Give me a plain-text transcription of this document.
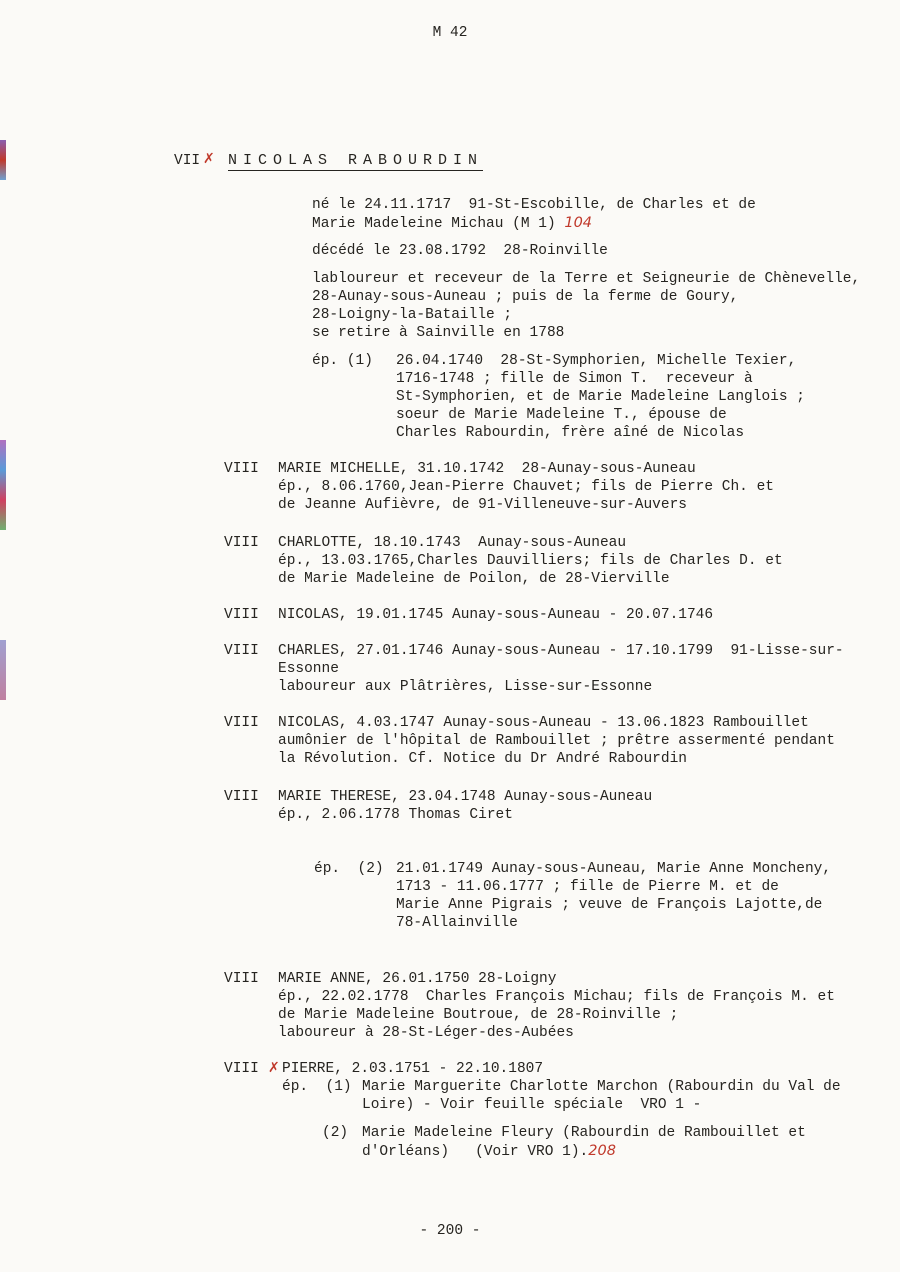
M 42
VII ✗ NICOLAS RABOURDIN
né le 24.11.1717  91-St-Escobille, de Charles et de
Marie Madeleine Michau (M 1) 104
décédé le 23.08.1792  28-Roinville
labloureur et receveur de la Terre et Seigneurie de Chènevelle,
28-Aunay-sous-Auneau ; puis de la ferme de Goury,
28-Loigny-la-Bataille ;
se retire à Sainville en 1788
ép. (1) 26.04.1740  28-St-Symphorien, Michelle Texier,
1716-1748 ; fille de Simon T.  receveur à
St-Symphorien, et de Marie Madeleine Langlois ;
soeur de Marie Madeleine T., épouse de
Charles Rabourdin, frère aîné de Nicolas
VIII MARIE MICHELLE, 31.10.1742  28-Aunay-sous-Auneau
ép., 8.06.1760,Jean-Pierre Chauvet; fils de Pierre Ch. et
de Jeanne Aufièvre, de 91-Villeneuve-sur-Auvers
VIII CHARLOTTE, 18.10.1743  Aunay-sous-Auneau
ép., 13.03.1765,Charles Dauvilliers; fils de Charles D. et
de Marie Madeleine de Poilon, de 28-Vierville
VIII NICOLAS, 19.01.1745 Aunay-sous-Auneau - 20.07.1746
VIII CHARLES, 27.01.1746 Aunay-sous-Auneau - 17.10.1799  91-Lisse-sur-
Essonne
laboureur aux Plâtrières, Lisse-sur-Essonne
VIII NICOLAS, 4.03.1747 Aunay-sous-Auneau - 13.06.1823 Rambouillet
aumônier de l'hôpital de Rambouillet ; prêtre assermenté pendant
la Révolution. Cf. Notice du Dr André Rabourdin
VIII MARIE THERESE, 23.04.1748 Aunay-sous-Auneau
ép., 2.06.1778 Thomas Ciret
ép.  (2) 21.01.1749 Aunay-sous-Auneau, Marie Anne Moncheny,
1713 - 11.06.1777 ; fille de Pierre M. et de
Marie Anne Pigrais ; veuve de François Lajotte,de
78-Allainville
VIII MARIE ANNE, 26.01.1750 28-Loigny
ép., 22.02.1778  Charles François Michau; fils de François M. et
de Marie Madeleine Boutroue, de 28-Roinville ;
laboureur à 28-St-Léger-des-Aubées
VIII ✗ PIERRE, 2.03.1751 - 22.10.1807
ép.  (1) Marie Marguerite Charlotte Marchon (Rabourdin du Val de
Loire) - Voir feuille spéciale  VRO 1 -
(2) Marie Madeleine Fleury (Rabourdin de Rambouillet et
d'Orléans)   (Voir VRO 1).208
- 200 -
